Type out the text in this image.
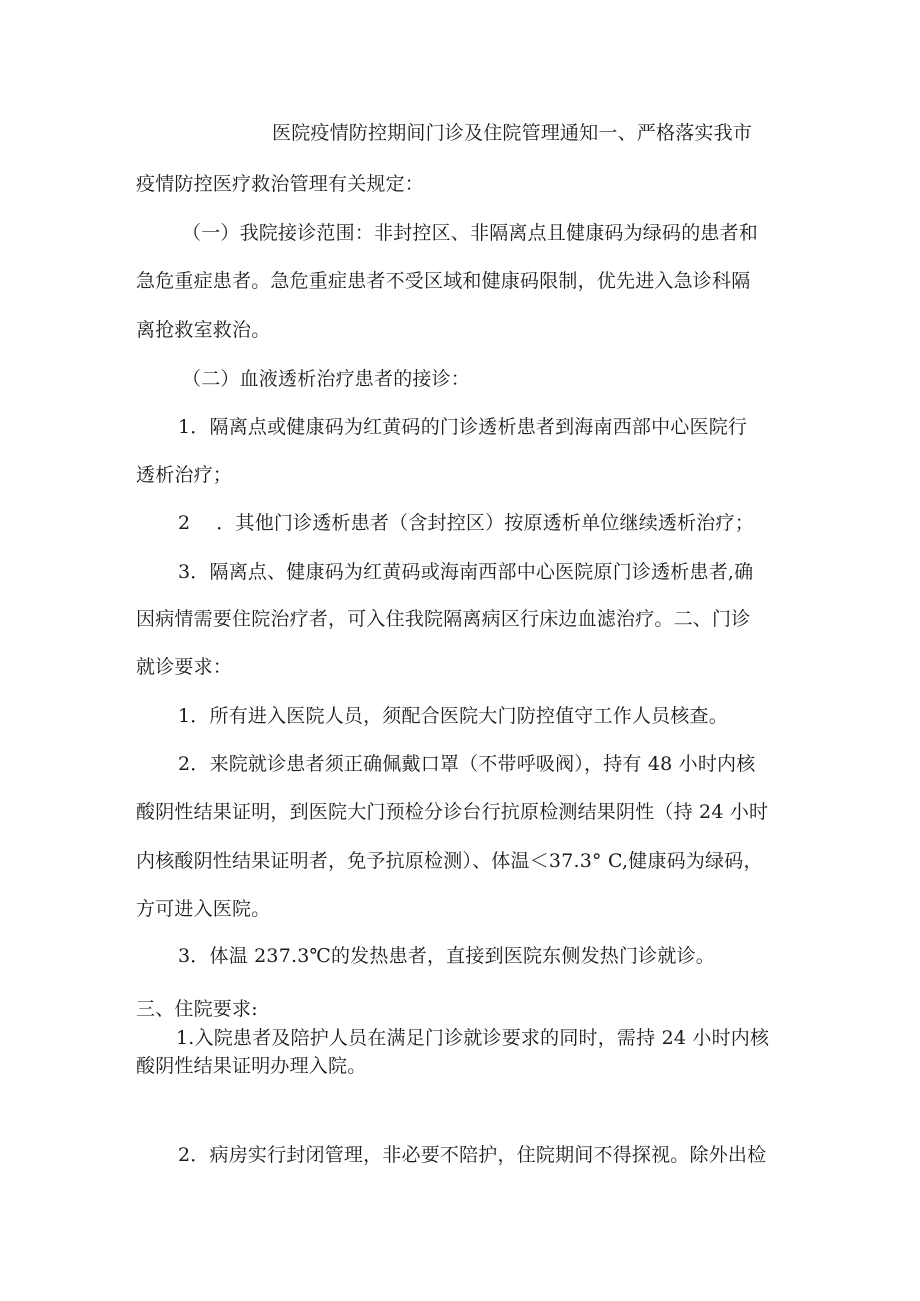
医院疫情防控期间门诊及住院管理通知一、严格落实我市
疫情防控医疗救治管理有关规定：
（一）我院接诊范围：非封控区、非隔离点且健康码为绿码的患者和
急危重症患者。急危重症患者不受区域和健康码限制，优先进入急诊科隔
离抢救室救治。
（二）血液透析治疗患者的接诊：
1．隔离点或健康码为红黄码的门诊透析患者到海南西部中心医院行
透析治疗；
2 ．其他门诊透析患者（含封控区）按原透析单位继续透析治疗；
3．隔离点、健康码为红黄码或海南西部中心医院原门诊透析患者,确
因病情需要住院治疗者，可入住我院隔离病区行床边血滤治疗。二、门诊
就诊要求：
1．所有进入医院人员，须配合医院大门防控值守工作人员核查。
2．来院就诊患者须正确佩戴口罩（不带呼吸阀），持有 48 小时内核
酸阴性结果证明，到医院大门预检分诊台行抗原检测结果阴性（持 24 小时
内核酸阴性结果证明者，免予抗原检测）、体温＜37.3° C,健康码为绿码，
方可进入医院。
3．体温 237.3℃的发热患者，直接到医院东侧发热门诊就诊。
三、住院要求:
1.入院患者及陪护人员在满足门诊就诊要求的同时，需持 24 小时内核
酸阴性结果证明办理入院。
2．病房实行封闭管理，非必要不陪护，住院期间不得探视。除外出检
